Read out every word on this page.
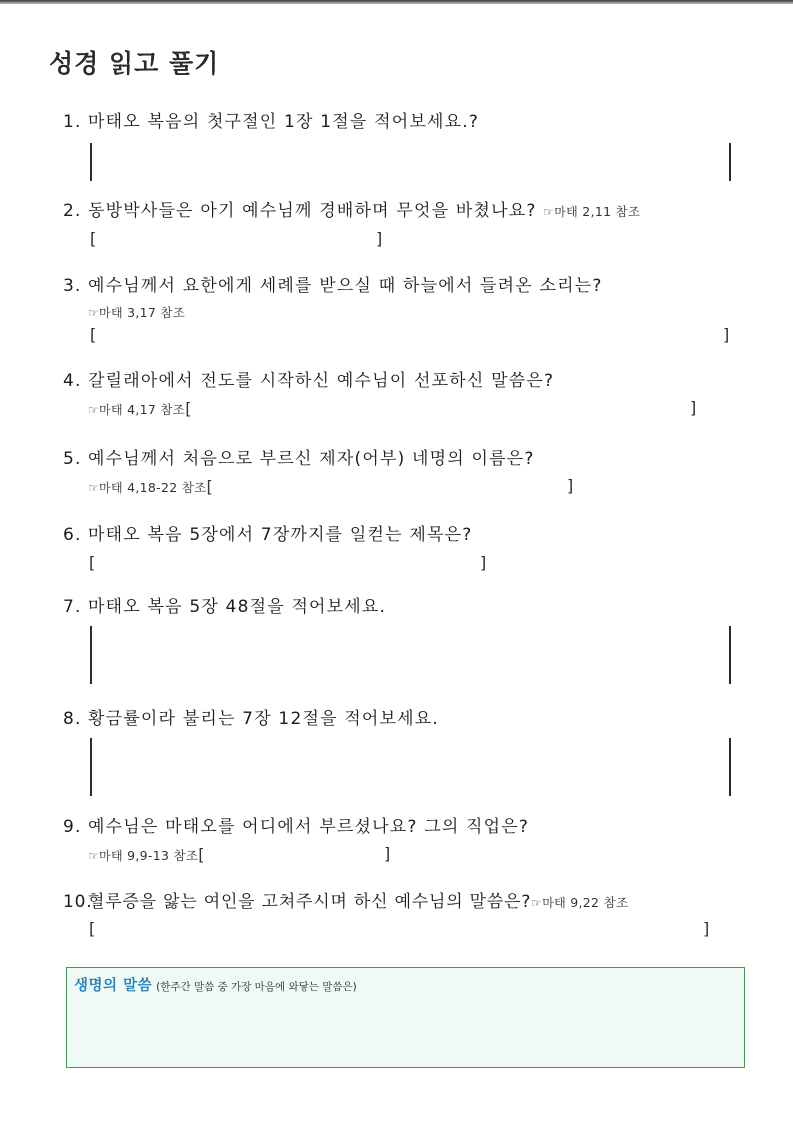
성경 읽고 풀기
1. 마태오 복음의 첫구절인 1장 1절을 적어보세요.?
2. 동방박사들은 아기 예수님께 경배하며 무엇을 바쳤나요? ☞마태 2,11 참조
[	]
3. 예수님께서 요한에게 세례를 받으실 때 하늘에서 들려온 소리는?
☞마태 3,17 참조
[	]
4. 갈릴래아에서 전도를 시작하신 예수님이 선포하신 말씀은?
☞마태 4,17 참조[	]
5. 예수님께서 처음으로 부르신 제자(어부) 네명의 이름은?
☞마태 4,18-22 참조[	]
6. 마태오 복음 5장에서 7장까지를 일컫는 제목은?
[	]
7. 마태오 복음 5장 48절을 적어보세요.
8. 황금률이라 불리는 7장 12절을 적어보세요.
9. 예수님은 마태오를 어디에서 부르셨나요? 그의 직업은?
☞마태 9,9-13 참조[	]
10.혈루증을 앓는 여인을 고쳐주시며 하신 예수님의 말씀은?☞마태 9,22 참조
[	]
생명의 말씀 (한주간 말씀 중 가장 마음에 와닿는 말씀은)
